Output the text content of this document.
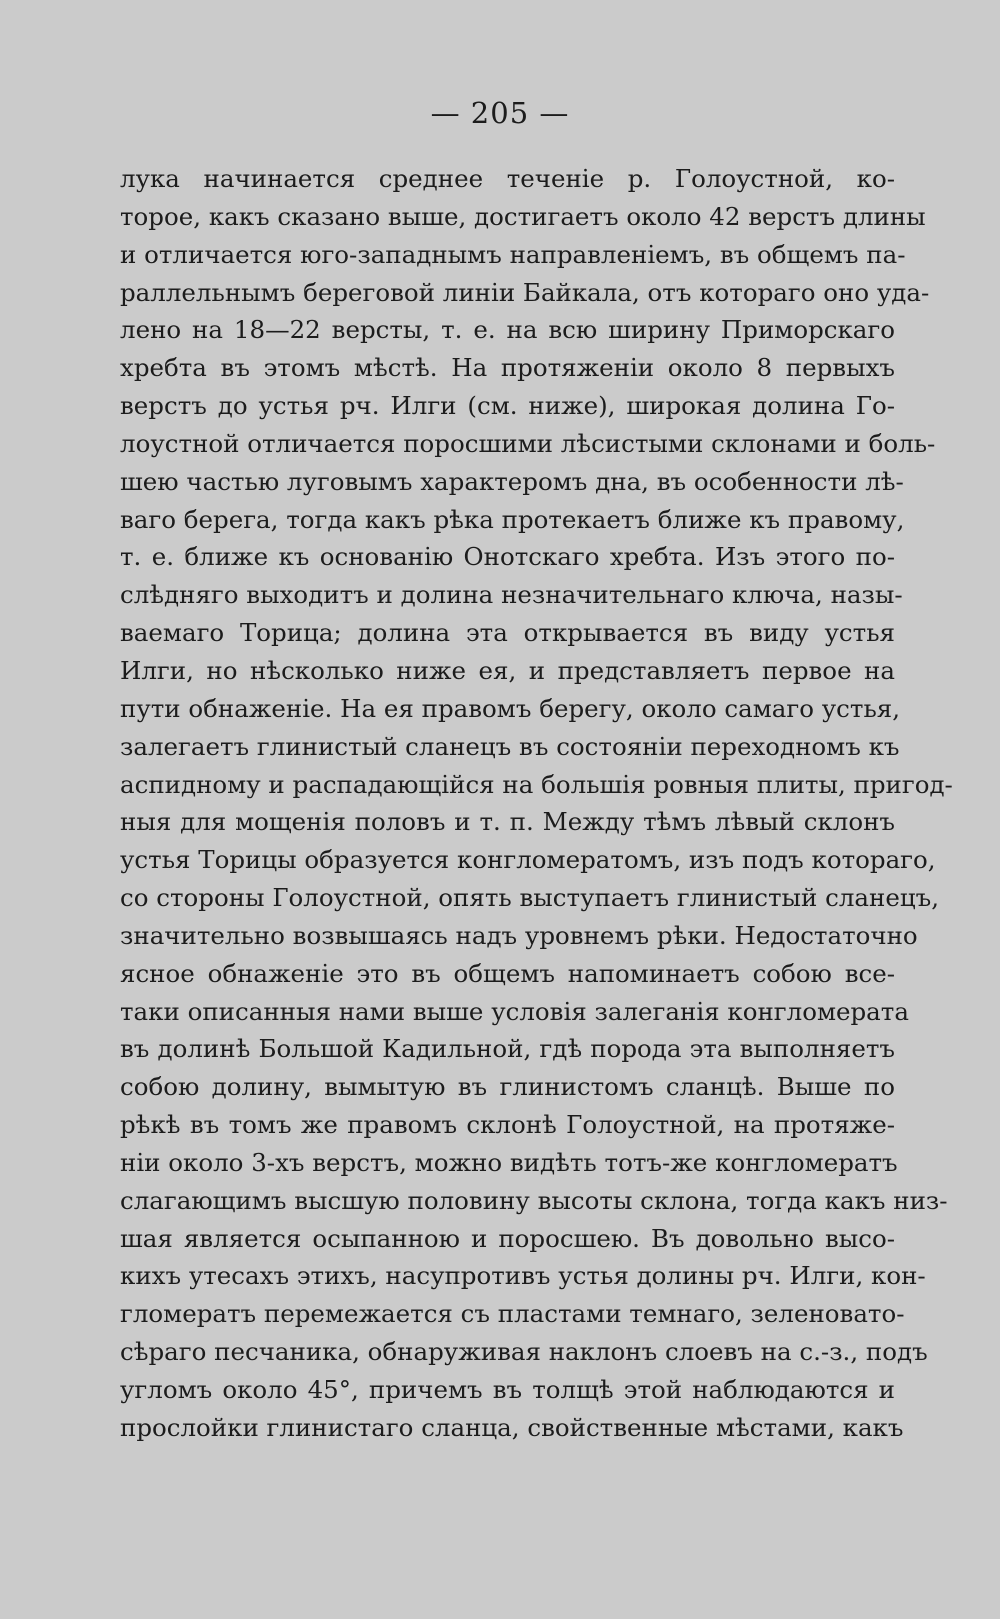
— 205 —
лука начинается среднее теченіе р. Голоустной, ко-
торое, какъ сказано выше, достигаетъ около 42 верстъ длины
и отличается юго-западнымъ направленіемъ, въ общемъ па-
раллельнымъ береговой линіи Байкала, отъ котораго оно уда-
лено на 18—22 версты, т. е. на всю ширину Приморскаго
хребта въ этомъ мѣстѣ. На протяженіи около 8 первыхъ
верстъ до устья рч. Илги (см. ниже), широкая долина Го-
лоустной отличается поросшими лѣсистыми склонами и боль-
шею частью луговымъ характеромъ дна, въ особенности лѣ-
ваго берега, тогда какъ рѣка протекаетъ ближе къ правому,
т. е. ближе къ основанію Онотскаго хребта. Изъ этого по-
слѣдняго выходитъ и долина незначительнаго ключа, назы-
ваемаго Торица; долина эта открывается въ виду устья
Илги, но нѣсколько ниже ея, и представляетъ первое на
пути обнаженіе. На ея правомъ берегу, около самаго устья,
залегаетъ глинистый сланецъ въ состояніи переходномъ къ
аспидному и распадающійся на большія ровныя плиты, пригод-
ныя для мощенія половъ и т. п. Между тѣмъ лѣвый склонъ
устья Торицы образуется конгломератомъ, изъ подъ котораго,
со стороны Голоустной, опять выступаетъ глинистый сланецъ,
значительно возвышаясь надъ уровнемъ рѣки. Недостаточно
ясное обнаженіе это въ общемъ напоминаетъ собою все-
таки описанныя нами выше условія залеганія конгломерата
въ долинѣ Большой Кадильной, гдѣ порода эта выполняетъ
собою долину, вымытую въ глинистомъ сланцѣ. Выше по
рѣкѣ въ томъ же правомъ склонѣ Голоустной, на протяже-
ніи около 3-хъ верстъ, можно видѣть тотъ-же конгломератъ
слагающимъ высшую половину высоты склона, тогда какъ низ-
шая является осыпанною и поросшею. Въ довольно высо-
кихъ утесахъ этихъ, насупротивъ устья долины рч. Илги, кон-
гломератъ перемежается съ пластами темнаго, зеленовато-
сѣраго песчаника, обнаруживая наклонъ слоевъ на с.-з., подъ
угломъ около 45°, причемъ въ толщѣ этой наблюдаются и
прослойки глинистаго сланца, свойственные мѣстами, какъ
